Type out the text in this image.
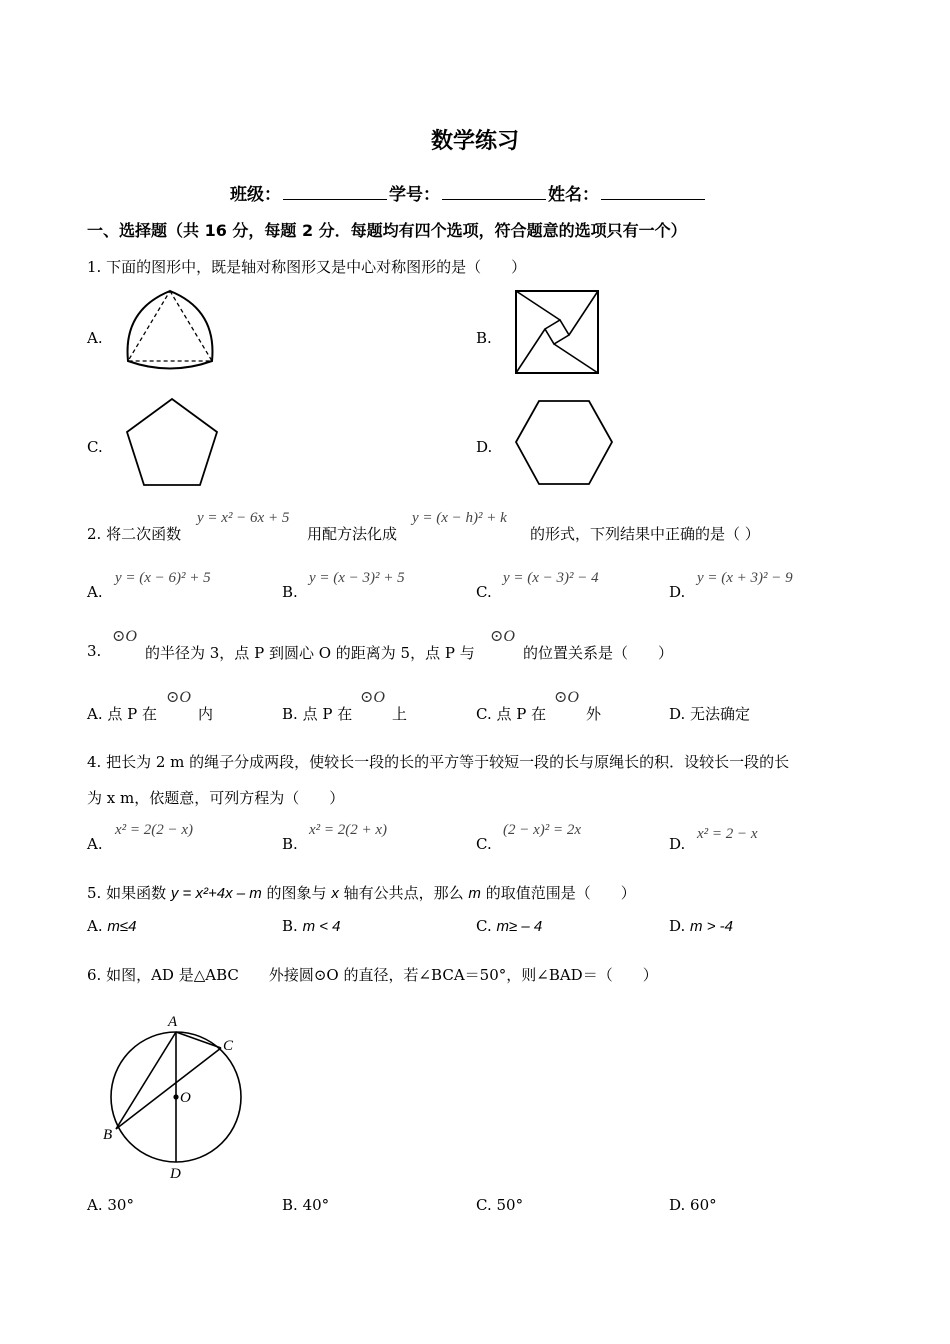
数学练习
班级：	学号：	姓名：
一、选择题（共 16 分，每题 2 分．每题均有四个选项，符合题意的选项只有一个）
1. 下面的图形中，既是轴对称图形又是中心对称图形的是（　　）
A.	B.
C.	D.
2. 将二次函数
y = x² − 6x + 5
用配方法化成
y = (x − h)² + k
的形式，下列结果中正确的是（ ）
A.
y = (x − 6)² + 5
B.
y = (x − 3)² + 5
C.
y = (x − 3)² − 4
D.
y = (x + 3)² − 9
3.
⊙O
的半径为 3，点 P 到圆心 O 的距离为 5，点 P 与
⊙O
的位置关系是（　　）
A. 点 P 在
⊙O
内	B. 点 P 在
⊙O
上	C. 点 P 在
⊙O
外	D. 无法确定
4. 把长为 2 m 的绳子分成两段，使较长一段的长的平方等于较短一段的长与原绳长的积．设较长一段的长
为 x m，依题意，可列方程为（　　）
A.
x² = 2(2 − x)
B.
x² = 2(2 + x)
C.
(2 − x)² = 2x
D.
x² = 2 − x
5. 如果函数 y = x²+4x – m 的图象与 x 轴有公共点，那么 m 的取值范围是（　　）
A. m≤4	B. m < 4	C. m≥ – 4	D. m > ‐4
6. 如图，AD 是△ABC　　外接圆⊙O 的直径，若∠BCA＝50°，则∠BAD＝（　　）
A
C
O
B
D
A. 30°	B. 40°	C. 50°	D. 60°
